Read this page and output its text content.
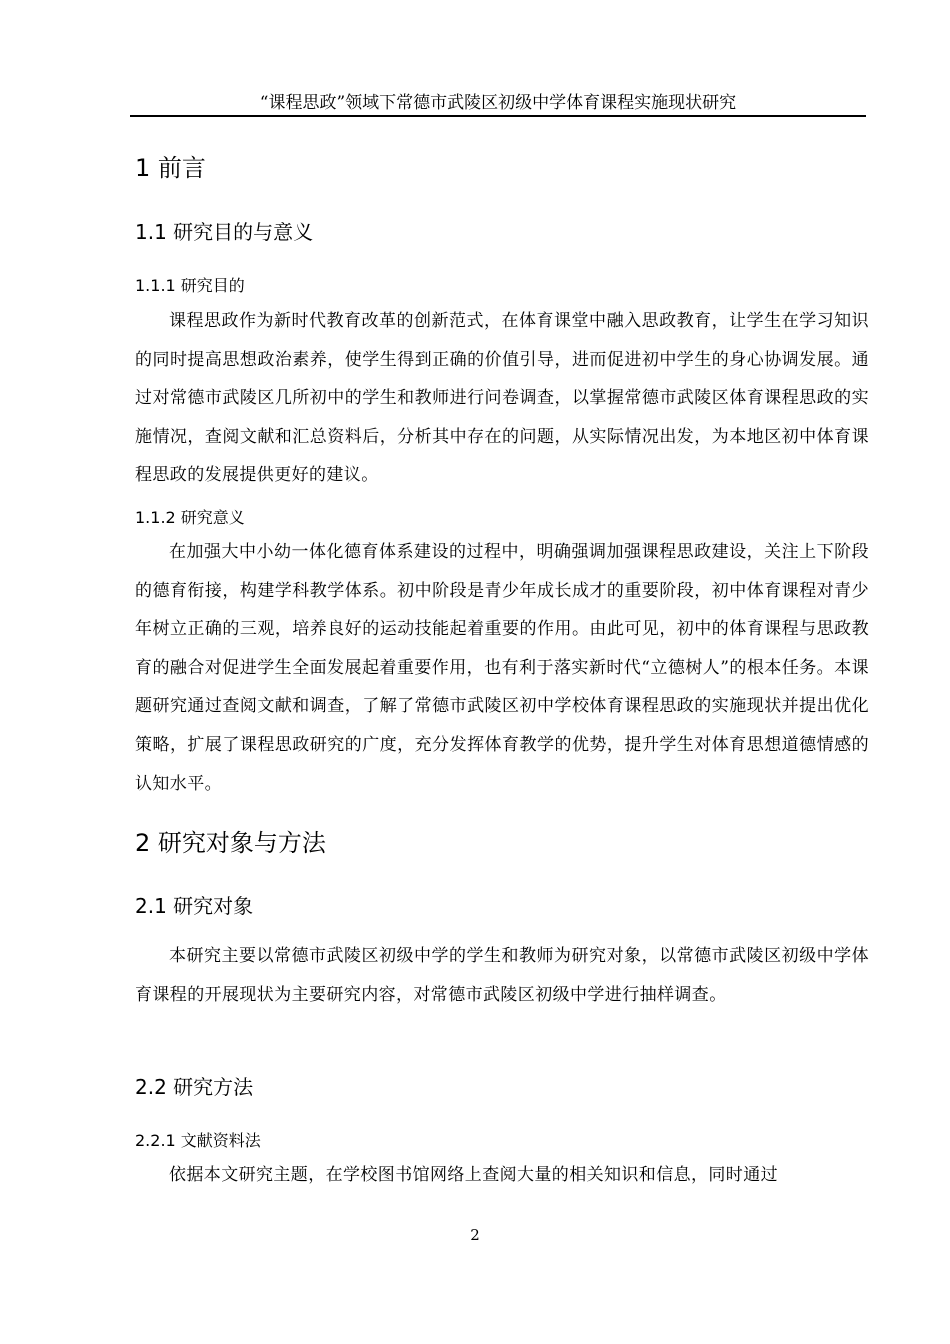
“课程思政”领域下常德市武陵区初级中学体育课程实施现状研究
1 前言
1.1 研究目的与意义
1.1.1 研究目的

课程思政作为新时代教育改革的创新范式，在体育课堂中融入思政教育，让学生在学习知识的同时提高思想政治素养，使学生得到正确的价值引导，进而促进初中学生的身心协调发展。通过对常德市武陵区几所初中的学生和教师进行问卷调查，以掌握常德市武陵区体育课程思政的实施情况，查阅文献和汇总资料后，分析其中存在的问题，从实际情况出发，为本地区初中体育课程思政的发展提供更好的建议。

1.1.2 研究意义

在加强大中小幼一体化德育体系建设的过程中，明确强调加强课程思政建设，关注上下阶段的德育衔接，构建学科教学体系。初中阶段是青少年成长成才的重要阶段，初中体育课程对青少年树立正确的三观，培养良好的运动技能起着重要的作用。由此可见，初中的体育课程与思政教育的融合对促进学生全面发展起着重要作用，也有利于落实新时代“立德树人”的根本任务。本课题研究通过查阅文献和调查，了解了常德市武陵区初中学校体育课程思政的实施现状并提出优化策略，扩展了课程思政研究的广度，充分发挥体育教学的优势，提升学生对体育思想道德情感的认知水平。

2 研究对象与方法
2.1 研究对象

本研究主要以常德市武陵区初级中学的学生和教师为研究对象，以常德市武陵区初级中学体育课程的开展现状为主要研究内容，对常德市武陵区初级中学进行抽样调查。

2.2 研究方法
2.2.1 文献资料法

依据本文研究主题，在学校图书馆网络上查阅大量的相关知识和信息，同时通过

2
